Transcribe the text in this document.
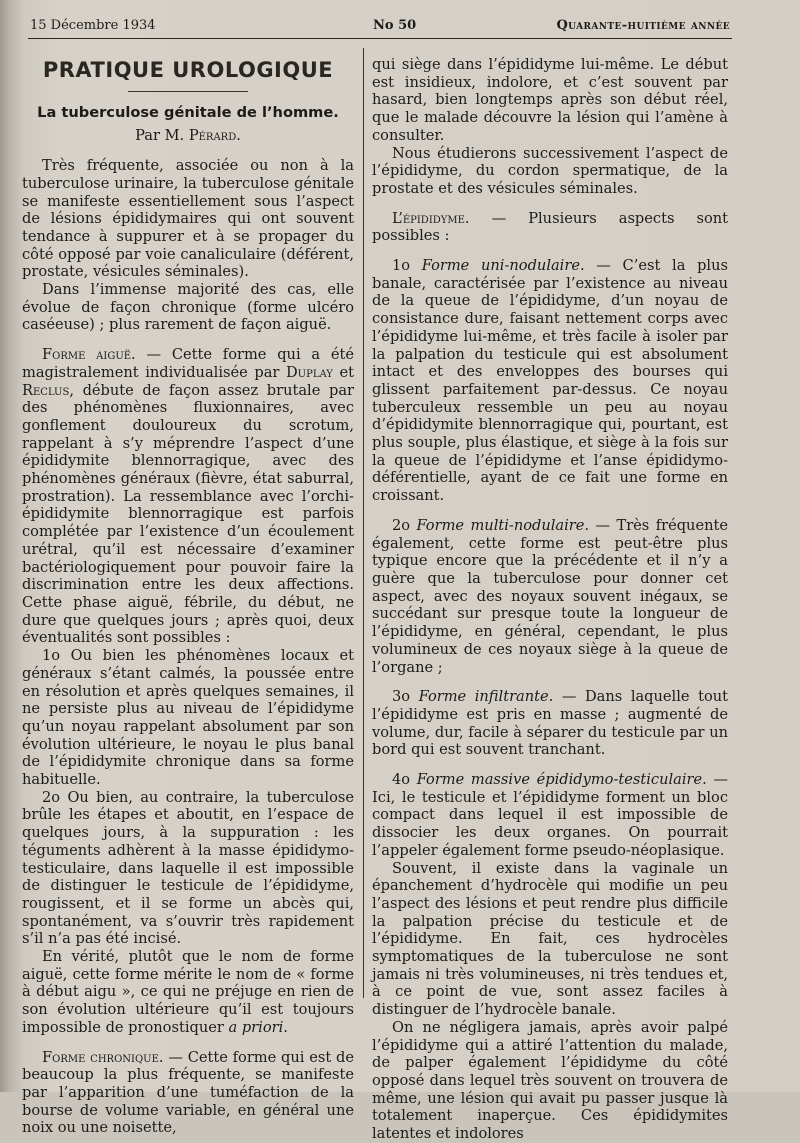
15 Décembre 1934	No 50	Quarante-huitième année
PRATIQUE UROLOGIQUE
La tuberculose génitale de l’homme.
Par M. Pérard.

Très fréquente, associée ou non à la tuberculose urinaire, la tuberculose génitale se manifeste essentiellement sous l’aspect de lésions épididymaires qui ont souvent tendance à suppurer et à se propager du côté opposé par voie canaliculaire (déférent, prostate, vésicules séminales).

Dans l’immense majorité des cas, elle évolue de façon chronique (forme ulcéro caséeuse) ; plus rarement de façon aiguë.

Forme aiguë. — Cette forme qui a été magistralement individualisée par Duplay et Reclus, débute de façon assez brutale par des phénomènes fluxionnaires, avec gonflement douloureux du scrotum, rappelant à s’y méprendre l’aspect d’une épididymite blennorragique, avec des phénomènes généraux (fièvre, état saburral, prostration). La ressemblance avec l’orchi-épididymite blennorragique est parfois complétée par l’existence d’un écoulement urétral, qu’il est nécessaire d’examiner bactériologiquement pour pouvoir faire la discrimination entre les deux affections. Cette phase aiguë, fébrile, du début, ne dure que quelques jours ; après quoi, deux éventualités sont possibles :

1o Ou bien les phénomènes locaux et généraux s’étant calmés, la poussée entre en résolution et après quelques semaines, il ne persiste plus au niveau de l’épididyme qu’un noyau rappelant absolument par son évolution ultérieure, le noyau le plus banal de l’épididymite chronique dans sa forme habituelle.

2o Ou bien, au contraire, la tuberculose brûle les étapes et aboutit, en l’espace de quelques jours, à la suppuration : les téguments adhèrent à la masse épididymo-testiculaire, dans laquelle il est impossible de distinguer le testicule de l’épididyme, rougissent, et il se forme un abcès qui, spontanément, va s’ouvrir très rapidement s’il n’a pas été incisé.

En vérité, plutôt que le nom de forme aiguë, cette forme mérite le nom de « forme à début aigu », ce qui ne préjuge en rien de son évolution ultérieure qu’il est toujours impossible de pronostiquer a priori.

Forme chronique. — Cette forme qui est de beaucoup la plus fréquente, se manifeste par l’apparition d’une tuméfaction de la bourse de volume variable, en général une noix ou une noisette,

qui siège dans l’épididyme lui-même. Le début est insidieux, indolore, et c’est souvent par hasard, bien longtemps après son début réel, que le malade découvre la lésion qui l’amène à consulter.

Nous étudierons successivement l’aspect de l’épididyme, du cordon spermatique, de la prostate et des vésicules séminales.

L’épididyme. — Plusieurs aspects sont possibles :

1o Forme uni-nodulaire. — C’est la plus banale, caractérisée par l’existence au niveau de la queue de l’épididyme, d’un noyau de consistance dure, faisant nettement corps avec l’épididyme lui-même, et très facile à isoler par la palpation du testicule qui est absolument intact et des enveloppes des bourses qui glissent parfaitement par-dessus. Ce noyau tuberculeux ressemble un peu au noyau d’épididymite blennorragique qui, pourtant, est plus souple, plus élastique, et siège à la fois sur la queue de l’épididyme et l’anse épididymo-déférentielle, ayant de ce fait une forme en croissant.

2o Forme multi-nodulaire. — Très fréquente également, cette forme est peut-être plus typique encore que la précédente et il n’y a guère que la tuberculose pour donner cet aspect, avec des noyaux souvent inégaux, se succédant sur presque toute la longueur de l’épididyme, en général, cependant, le plus volumineux de ces noyaux siège à la queue de l’organe ;

3o Forme infiltrante. — Dans laquelle tout l’épididyme est pris en masse ; augmenté de volume, dur, facile à séparer du testicule par un bord qui est souvent tranchant.

4o Forme massive épididymo-testiculaire. — Ici, le testicule et l’épididyme forment un bloc compact dans lequel il est impossible de dissocier les deux organes. On pourrait l’appeler également forme pseudo-néoplasique.

Souvent, il existe dans la vaginale un épanchement d’hydrocèle qui modifie un peu l’aspect des lésions et peut rendre plus difficile la palpation précise du testicule et de l’épididyme. En fait, ces hydrocèles symptomatiques de la tuberculose ne sont jamais ni très volumineuses, ni très tendues et, à ce point de vue, sont assez faciles à distinguer de l’hydrocèle banale.

On ne négligera jamais, après avoir palpé l’épididyme qui a attiré l’attention du malade, de palper également l’épididyme du côté opposé dans lequel très souvent on trouvera de même, une lésion qui avait pu passer jusque là totalement inaperçue. Ces épididymites latentes et indolores
